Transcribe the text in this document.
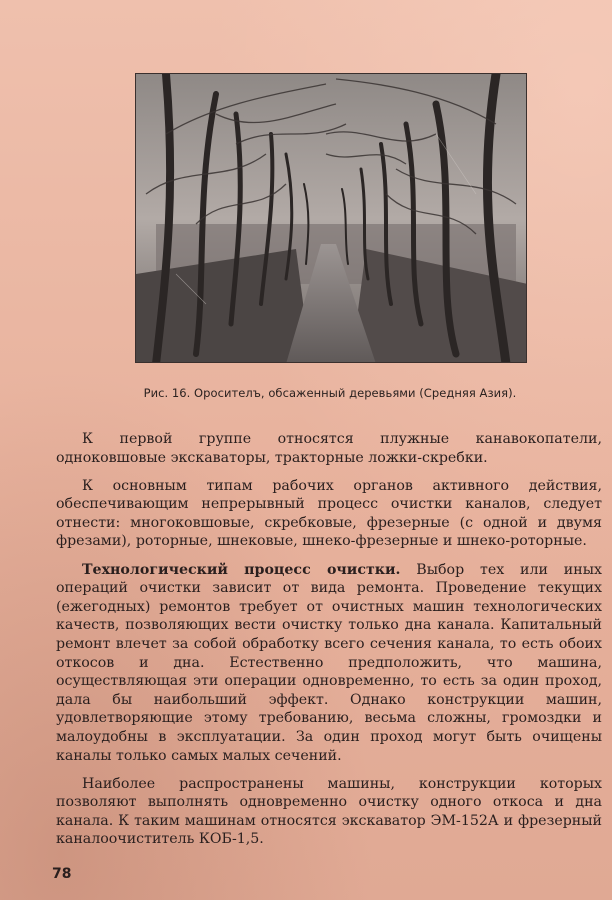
Рис. 16. Оросителъ, обсаженный деревьями (Средняя Азия).

К первой группе относятся плужные канавокопатели, одноковшовые экскаваторы, тракторные ложки-скребки.

К основным типам рабочих органов активного действия, обеспечивающим непрерывный процесс очистки каналов, следует отнести: многоковшовые, скребковые, фрезерные (с одной и двумя фрезами), роторные, шнековые, шнеко-фрезерные и шнеко-роторные.

Технологический процесс очистки. Выбор тех или иных операций очистки зависит от вида ремонта. Проведение текущих (ежегодных) ремонтов требует от очистных машин технологических качеств, позволяющих вести очистку только дна канала. Капитальный ремонт влечет за собой обработку всего сечения канала, то есть обоих откосов и дна. Естественно предположить, что машина, осуществляющая эти операции одновременно, то есть за один проход, дала бы наибольший эффект. Однако конструкции машин, удовлетворяющие этому требованию, весьма сложны, громоздки и малоудобны в эксплуатации. За один проход могут быть очищены каналы только самых малых сечений.

Наиболее распространены машины, конструкции которых позволяют выполнять одновременно очистку одного откоса и дна канала. К таким машинам относятся экскаватор ЭМ-152А и фрезерный каналоочиститель КОБ-1,5.

78
